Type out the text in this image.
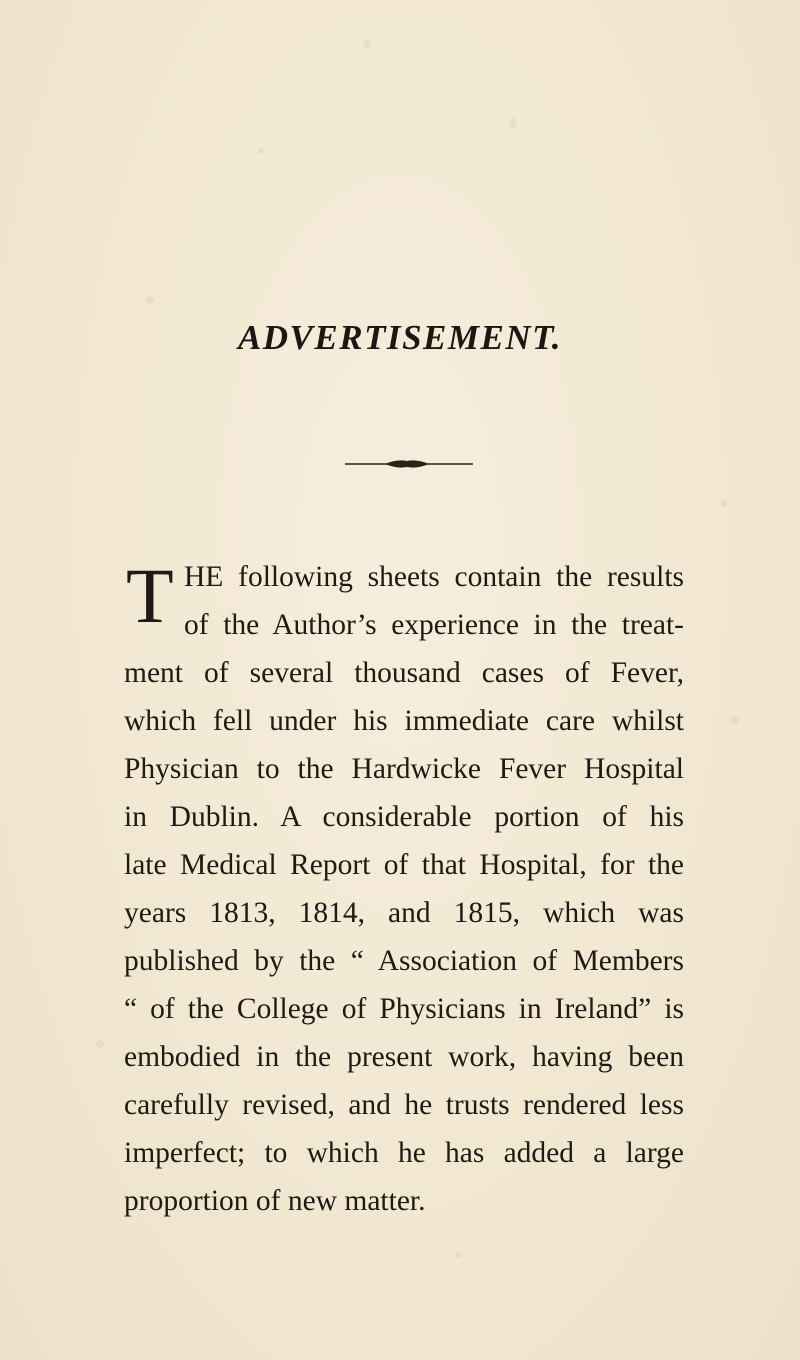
ADVERTISEMENT.
T HE following sheets contain the results
of the Author’s experience in the treat-
ment of several thousand cases of Fever,
which fell under his immediate care whilst
Physician to the Hardwicke Fever Hospital
in Dublin. A considerable portion of his
late Medical Report of that Hospital, for the
years 1813, 1814, and 1815, which was
published by the “ Association of Members
“ of the College of Physicians in Ireland” is
embodied in the present work, having been
carefully revised, and he trusts rendered less
imperfect; to which he has added a large
proportion of new matter.
